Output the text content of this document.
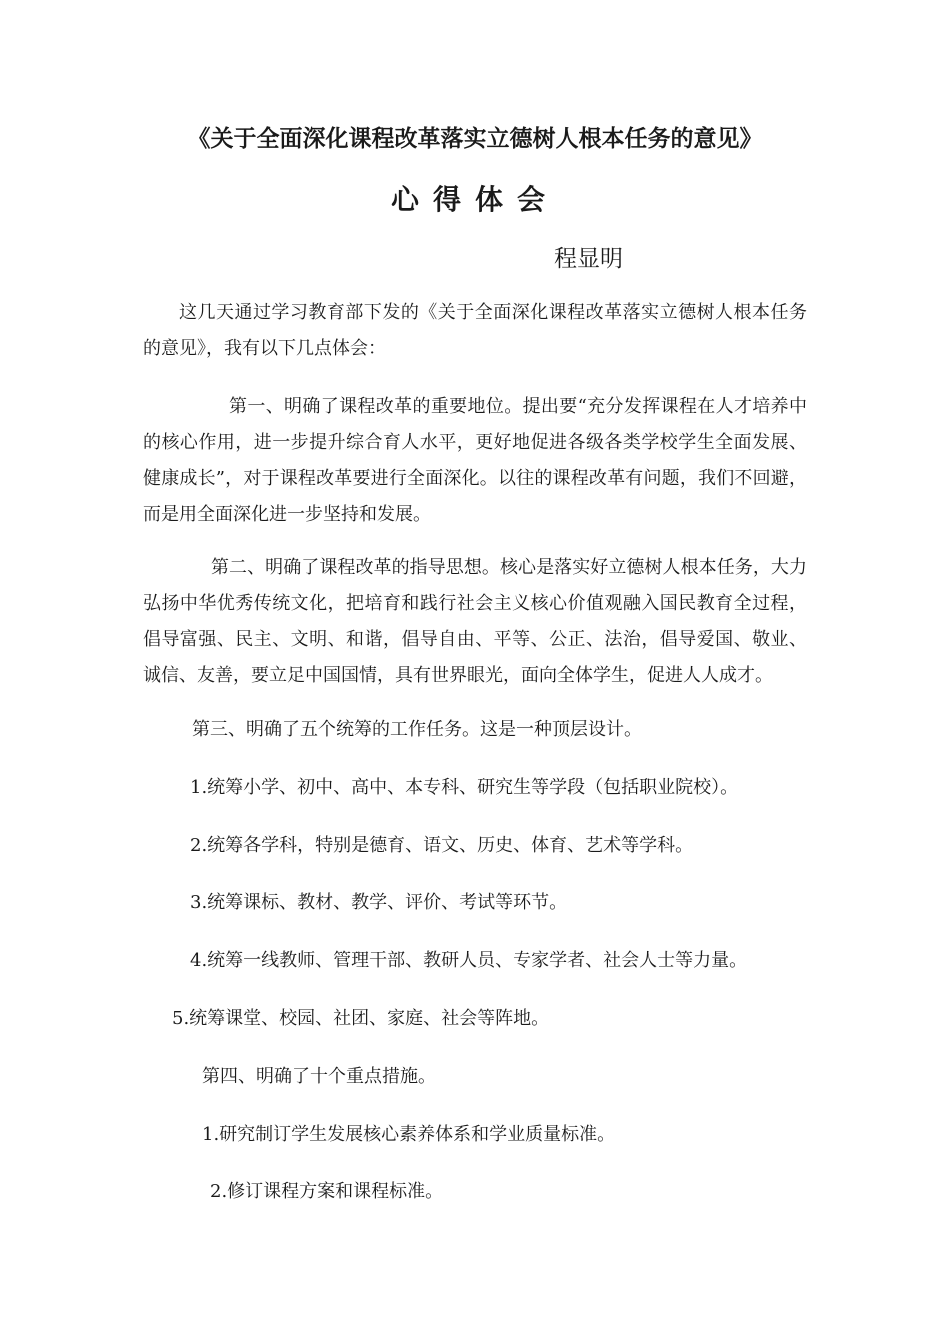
《关于全面深化课程改革落实立德树人根本任务的意见》
心得体会
程显明

这几天通过学习教育部下发的《关于全面深化课程改革落实立德树人根本任务的意见》，我有以下几点体会：

第一、明确了课程改革的重要地位。提出要“充分发挥课程在人才培养中的核心作用，进一步提升综合育人水平，更好地促进各级各类学校学生全面发展、健康成长”，对于课程改革要进行全面深化。以往的课程改革有问题，我们不回避，而是用全面深化进一步坚持和发展。

第二、明确了课程改革的指导思想。核心是落实好立德树人根本任务，大力弘扬中华优秀传统文化，把培育和践行社会主义核心价值观融入国民教育全过程，倡导富强、民主、文明、和谐，倡导自由、平等、公正、法治，倡导爱国、敬业、诚信、友善，要立足中国国情，具有世界眼光，面向全体学生，促进人人成才。

第三、明确了五个统筹的工作任务。这是一种顶层设计。

1.统筹小学、初中、高中、本专科、研究生等学段（包括职业院校）。

2.统筹各学科，特别是德育、语文、历史、体育、艺术等学科。

3.统筹课标、教材、教学、评价、考试等环节。

4.统筹一线教师、管理干部、教研人员、专家学者、社会人士等力量。

5.统筹课堂、校园、社团、家庭、社会等阵地。

第四、明确了十个重点措施。

1.研究制订学生发展核心素养体系和学业质量标准。

2.修订课程方案和课程标准。
